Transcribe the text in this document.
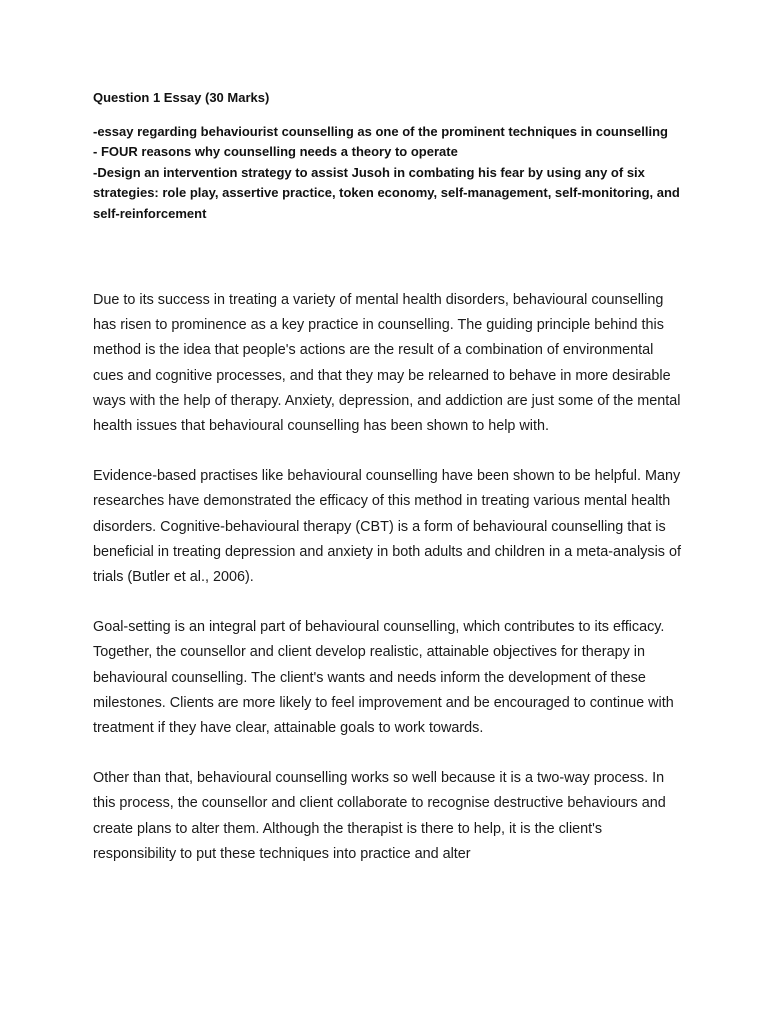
Question 1 Essay (30 Marks)

-essay regarding behaviourist counselling as one of the prominent techniques in counselling

- FOUR reasons why counselling needs a theory to operate

-Design an intervention strategy to assist Jusoh in combating his fear by using any of six strategies: role play, assertive practice, token economy, self-management, self-monitoring, and self-reinforcement

Due to its success in treating a variety of mental health disorders, behavioural counselling has risen to prominence as a key practice in counselling. The guiding principle behind this method is the idea that people's actions are the result of a combination of environmental cues and cognitive processes, and that they may be relearned to behave in more desirable ways with the help of therapy. Anxiety, depression, and addiction are just some of the mental health issues that behavioural counselling has been shown to help with.

Evidence-based practises like behavioural counselling have been shown to be helpful. Many researches have demonstrated the efficacy of this method in treating various mental health disorders. Cognitive-behavioural therapy (CBT) is a form of behavioural counselling that is beneficial in treating depression and anxiety in both adults and children in a meta-analysis of trials (Butler et al., 2006).

Goal-setting is an integral part of behavioural counselling, which contributes to its efficacy. Together, the counsellor and client develop realistic, attainable objectives for therapy in behavioural counselling. The client's wants and needs inform the development of these milestones. Clients are more likely to feel improvement and be encouraged to continue with treatment if they have clear, attainable goals to work towards.

Other than that, behavioural counselling works so well because it is a two-way process. In this process, the counsellor and client collaborate to recognise destructive behaviours and create plans to alter them. Although the therapist is there to help, it is the client's responsibility to put these techniques into practice and alter
